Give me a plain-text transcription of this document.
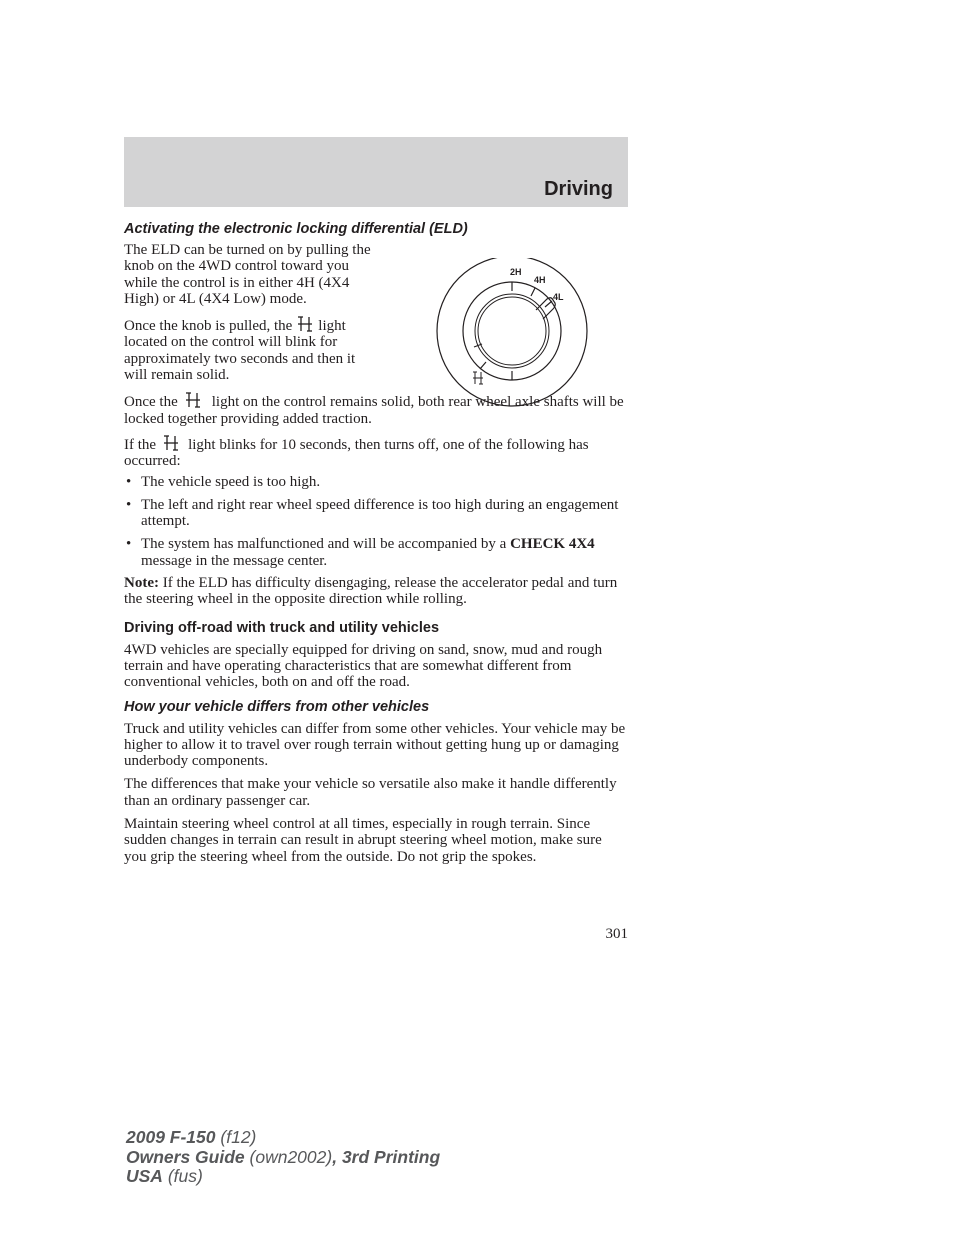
Driving
2H
4H
4L
Activating the electronic locking differential (ELD)

The ELD can be turned on by pulling the knob on the 4WD control toward you while the control is in either 4H (4X4 High) or 4L (4X4 Low) mode.

Once the knob is pulled, the light located on the control will blink for approximately two seconds and then it will remain solid.

Once the light on the control remains solid, both rear wheel axle shafts will be locked together providing added traction.

If the light blinks for 10 seconds, then turns off, one of the following has occurred:

• The vehicle speed is too high.
• The left and right rear wheel speed difference is too high during an engagement attempt.
• The system has malfunctioned and will be accompanied by a CHECK 4X4 message in the message center.

Note: If the ELD has difficulty disengaging, release the accelerator pedal and turn the steering wheel in the opposite direction while rolling.

Driving off-road with truck and utility vehicles

4WD vehicles are specially equipped for driving on sand, snow, mud and rough terrain and have operating characteristics that are somewhat different from conventional vehicles, both on and off the road.

How your vehicle differs from other vehicles

Truck and utility vehicles can differ from some other vehicles. Your vehicle may be higher to allow it to travel over rough terrain without getting hung up or damaging underbody components.

The differences that make your vehicle so versatile also make it handle differently than an ordinary passenger car.

Maintain steering wheel control at all times, especially in rough terrain. Since sudden changes in terrain can result in abrupt steering wheel motion, make sure you grip the steering wheel from the outside. Do not grip the spokes.

301
2009 F-150 (f12)
Owners Guide (own2002), 3rd Printing
USA (fus)
